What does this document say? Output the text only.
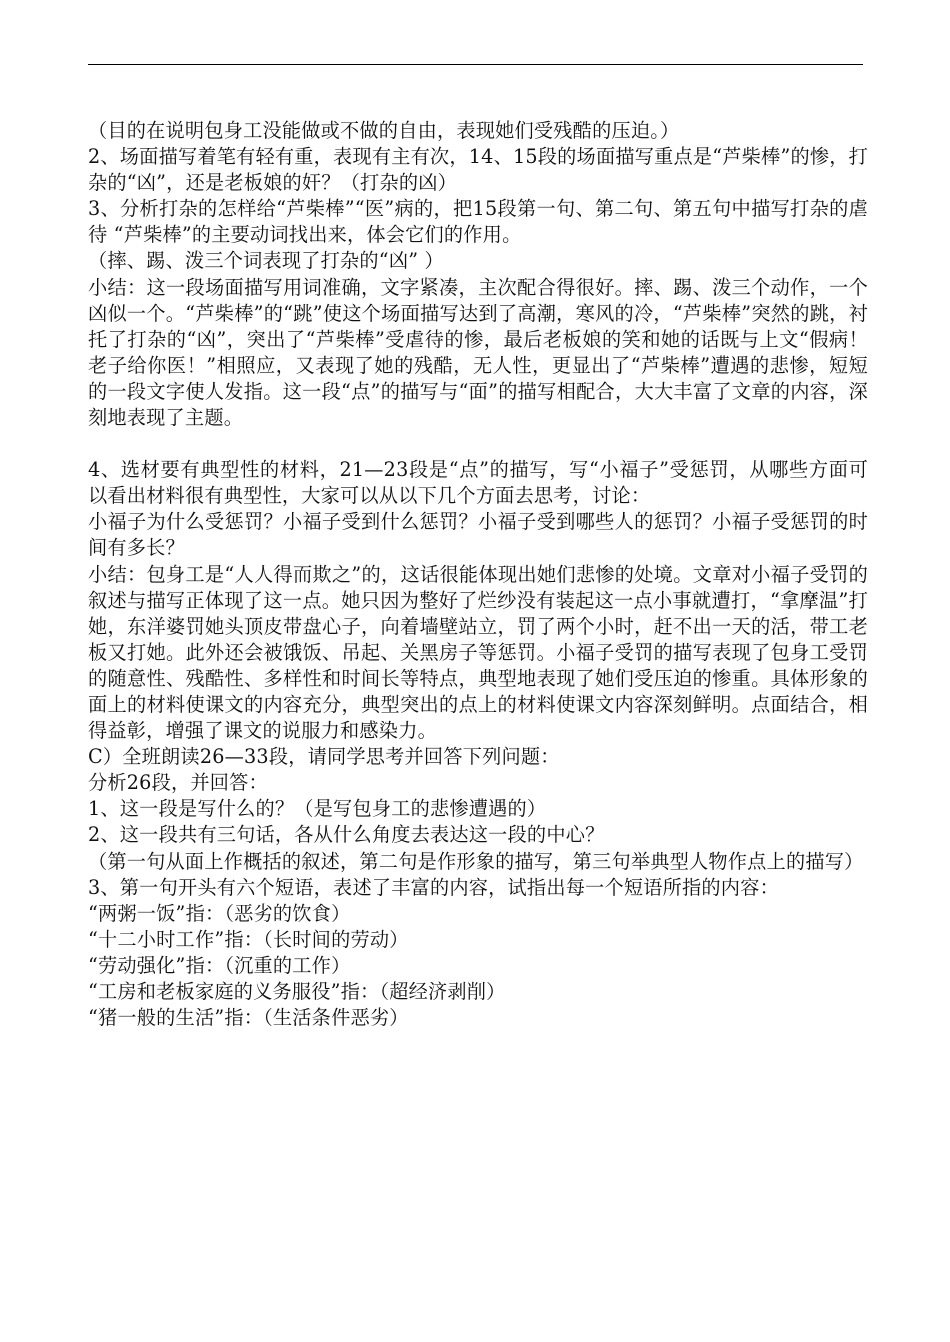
（目的在说明包身工没能做或不做的自由，表现她们受残酷的压迫。）

2、场面描写着笔有轻有重，表现有主有次，14、15段的场面描写重点是“芦柴棒”的惨，打杂的“凶”，还是老板娘的奸？（打杂的凶）

3、分析打杂的怎样给“芦柴棒”“医”病的，把15段第一句、第二句、第五句中描写打杂的虐待 “芦柴棒”的主要动词找出来，体会它们的作用。

（摔、踢、泼三个词表现了打杂的“凶” ）

小结：这一段场面描写用词准确，文字紧凑，主次配合得很好。摔、踢、泼三个动作，一个凶似一个。“芦柴棒”的“跳”使这个场面描写达到了高潮，寒风的冷，“芦柴棒”突然的跳，衬托了打杂的“凶”，突出了“芦柴棒”受虐待的惨，最后老板娘的笑和她的话既与上文“假病！老子给你医！”相照应，又表现了她的残酷，无人性，更显出了“芦柴棒”遭遇的悲惨，短短的一段文字使人发指。这一段“点”的描写与“面”的描写相配合，大大丰富了文章的内容，深刻地表现了主题。

4、选材要有典型性的材料，21—23段是“点”的描写，写“小福子”受惩罚，从哪些方面可以看出材料很有典型性，大家可以从以下几个方面去思考，讨论：

小福子为什么受惩罚？小福子受到什么惩罚？小福子受到哪些人的惩罚？小福子受惩罚的时间有多长？

小结：包身工是“人人得而欺之”的，这话很能体现出她们悲惨的处境。文章对小福子受罚的叙述与描写正体现了这一点。她只因为整好了烂纱没有装起这一点小事就遭打，“拿摩温”打她，东洋婆罚她头顶皮带盘心子，向着墙壁站立，罚了两个小时，赶不出一天的活，带工老板又打她。此外还会被饿饭、吊起、关黑房子等惩罚。小福子受罚的描写表现了包身工受罚的随意性、残酷性、多样性和时间长等特点，典型地表现了她们受压迫的惨重。具体形象的面上的材料使课文的内容充分，典型突出的点上的材料使课文内容深刻鲜明。点面结合，相得益彰，增强了课文的说服力和感染力。

C）全班朗读26—33段，请同学思考并回答下列问题：

分析26段，并回答：

1、这一段是写什么的？（是写包身工的悲惨遭遇的）

2、这一段共有三句话，各从什么角度去表达这一段的中心？

（第一句从面上作概括的叙述，第二句是作形象的描写，第三句举典型人物作点上的描写）

3、第一句开头有六个短语，表述了丰富的内容，试指出每一个短语所指的内容：

“两粥一饭”指：（恶劣的饮食）

“十二小时工作”指：（长时间的劳动）

“劳动强化”指：（沉重的工作）

“工房和老板家庭的义务服役”指：（超经济剥削）

“猪一般的生活”指：（生活条件恶劣）
